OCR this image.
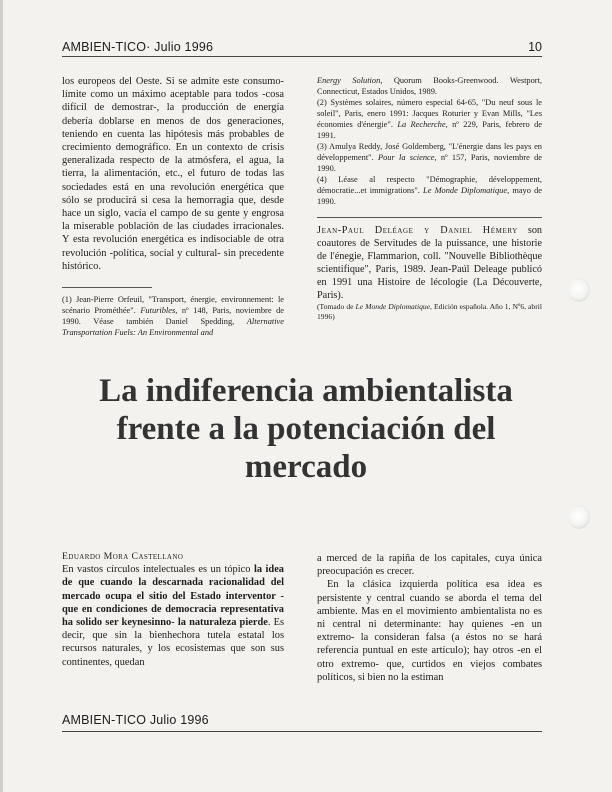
AMBIEN-TICO· Julio 1996	10

los europeos del Oeste. Si se admite este consumo-límite como un máximo aceptable para todos -cosa difícil de demostrar-, la producción de energía debería doblarse en menos de dos generaciones, teniendo en cuenta las hipótesis más probables de crecimiento demográfico. En un contexto de crisis generalizada respecto de la atmósfera, el agua, la tierra, la alimentación, etc., el futuro de todas las sociedades está en una revolución energética que sólo se producirá si cesa la hemorragia que, desde hace un siglo, vacía el campo de su gente y engrosa la miserable población de las ciudades irracionales. Y esta revolución energética es indisociable de otra revolución -política, social y cultural- sin precedente histórico.

(1) Jean-Pierre Orfeuil, "Transport, énergie, environnement: le scénario Prométhée". Futuribles, nº 148, Paris, noviembre de 1990. Véase también Daniel Spedding, Alternative Transportation Fuels: An Environmental and

Energy Solution, Quorum Books-Greenwood. Westport, Connecticut, Estados Unidos, 1989.

(2) Systèmes solaires, número especial 64-65, "Du neuf sous le soleil", Paris, enero 1991: Jacques Roturier y Evan Mills, "Les économies d'énergie". La Recherche, nº 229, Paris, febrero de 1991.

(3) Amulya Reddy, José Goldemberg, "L'énergie dans les pays en développement". Pour la science, nº 157, Paris, noviembre de 1990.

(4) Léase al respecto "Démographie, développement, démocratie...et immigrations". Le Monde Diplomatique, mayo de 1990.

Jean-Paul Deléage y Daniel Hémery son coautores de Servitudes de la puissance, une historie de l'énegie, Flammarion, coll. "Nouvelle Bibliothèque scientifique", Paris, 1989. Jean-Paúl Deleage publicó en 1991 una Histoire de lécologie (La Découverte, Paris).

(Tomado de Le Monde Diplomatique, Edición española. Año 1, Nº6, abril 1996)

La indiferencia ambientalista frente a la potenciación del mercado

Eduardo Mora Castellano

En vastos círculos intelectuales es un tópico la idea de que cuando la descarnada racionalidad del mercado ocupa el sitio del Estado interventor -que en condiciones de democracia representativa ha solido ser keynesinno- la naturaleza pierde. Es decir, que sin la bienhechora tutela estatal los recursos naturales, y los ecosistemas que son sus continentes, quedan

a merced de la rapiña de los capitales, cuya única preocupación es crecer.

En la clásica izquierda política esa idea es persistente y central cuando se aborda el tema del ambiente. Mas en el movimiento ambientalista no es ni central ni determinante: hay quienes -en un extremo- la consideran falsa (a éstos no se hará referencia puntual en este artículo); hay otros -en el otro extremo- que, curtidos en viejos combates políticos, si bien no la estiman

AMBIEN-TICO Julio 1996
